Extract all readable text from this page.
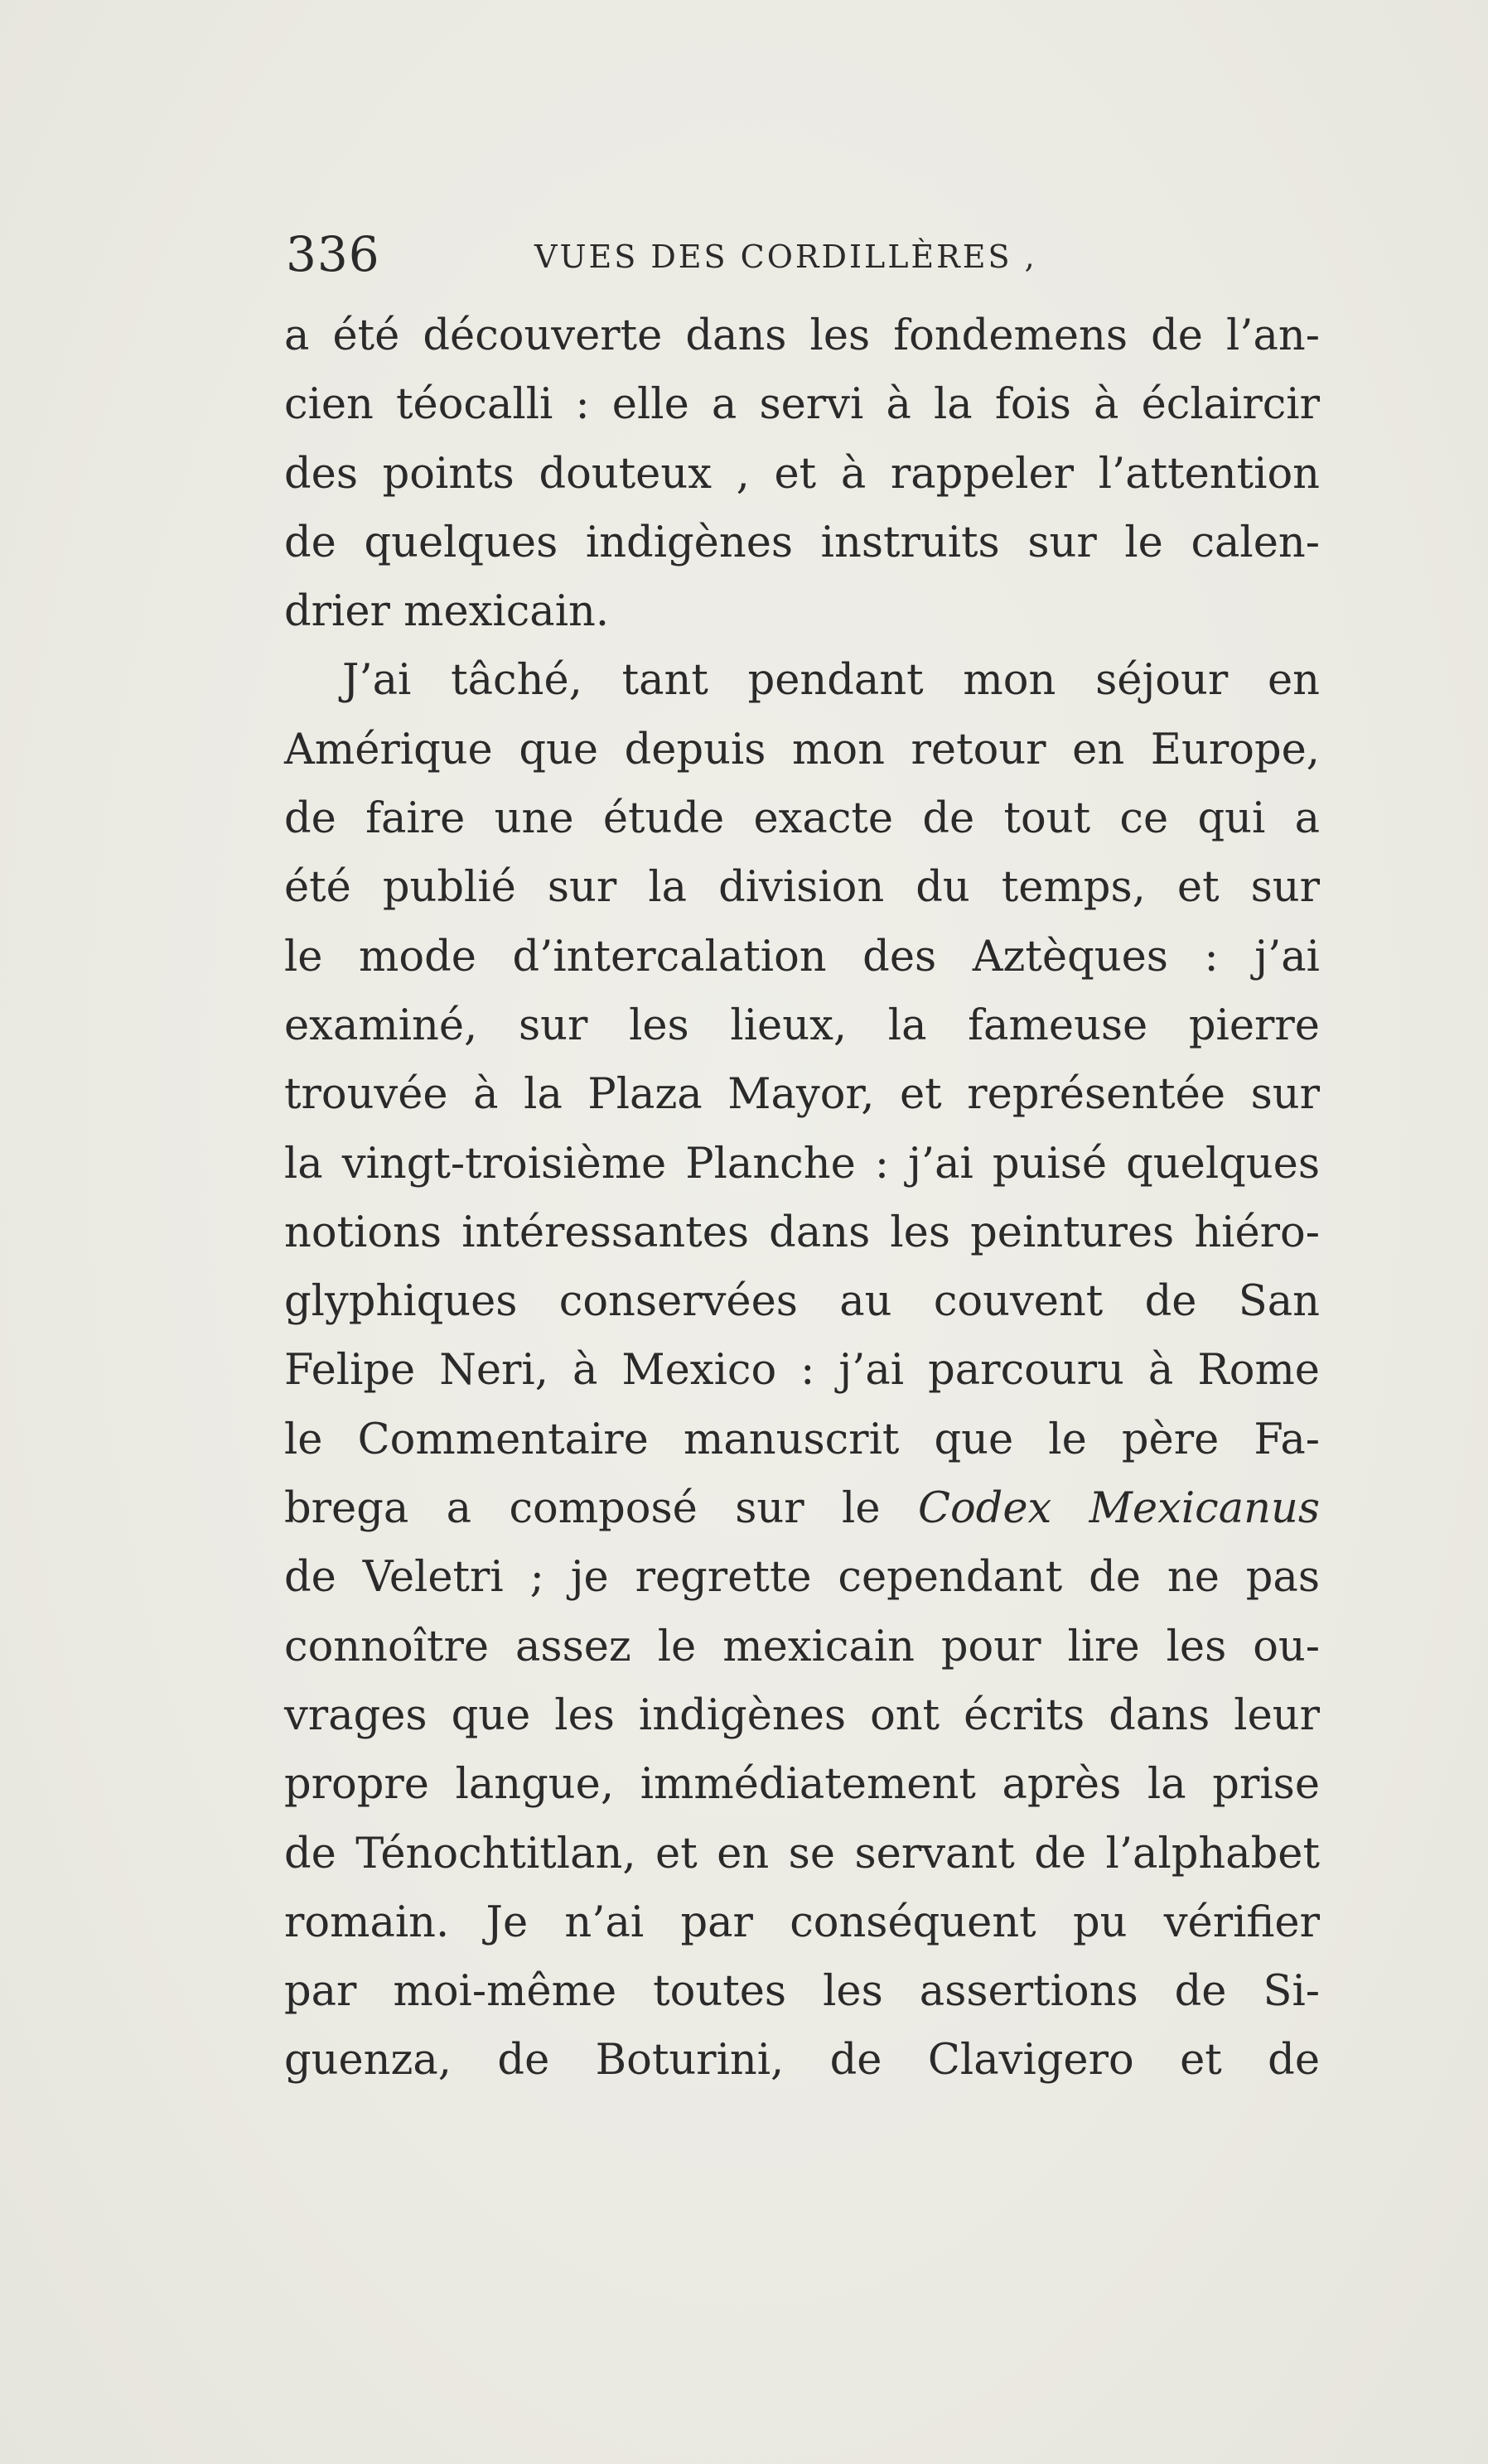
336	VUES DES CORDILLÈRES ,
a été découverte dans les fondemens de l’an-
cien téocalli : elle a servi à la fois à éclaircir
des points douteux , et à rappeler l’attention
de quelques indigènes instruits sur le calen-
drier mexicain.
J’ai tâché, tant pendant mon séjour en
Amérique que depuis mon retour en Europe,
de faire une étude exacte de tout ce qui a
été publié sur la division du temps, et sur
le mode d’intercalation des Aztèques : j’ai
examiné, sur les lieux, la fameuse pierre
trouvée à la Plaza Mayor, et représentée sur
la vingt-troisième Planche : j’ai puisé quelques
notions intéressantes dans les peintures hiéro-
glyphiques conservées au couvent de San
Felipe Neri, à Mexico : j’ai parcouru à Rome
le Commentaire manuscrit que le père Fa-
brega a composé sur le Codex Mexicanus
de Veletri ; je regrette cependant de ne pas
connoître assez le mexicain pour lire les ou-
vrages que les indigènes ont écrits dans leur
propre langue, immédiatement après la prise
de Ténochtitlan, et en se servant de l’alphabet
romain. Je n’ai par conséquent pu vérifier
par moi-même toutes les assertions de Si-
guenza, de Boturini, de Clavigero et de
